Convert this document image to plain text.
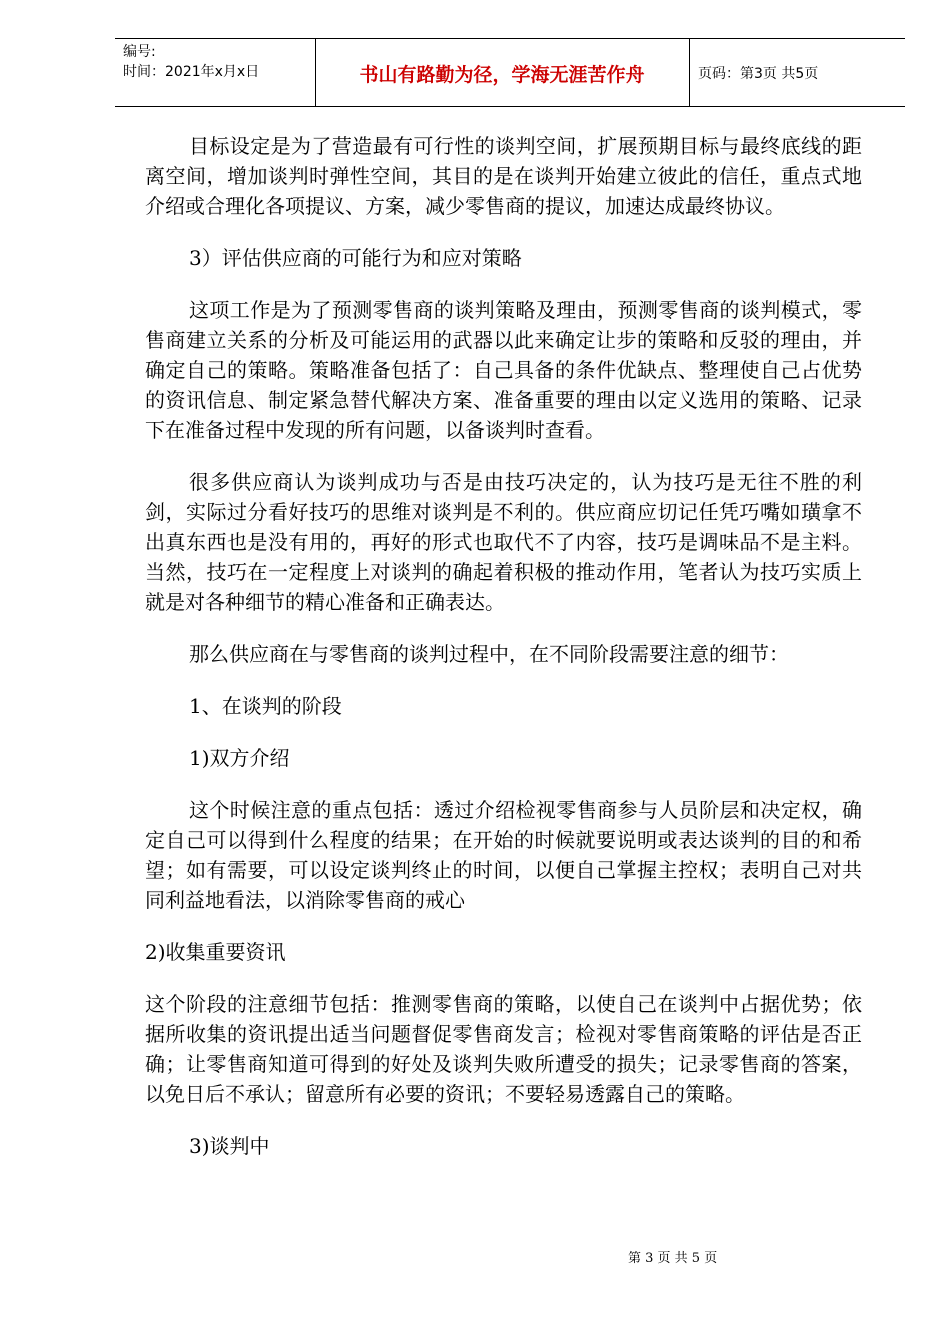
编号:
时间：2021年x月x日	书山有路勤为径，学海无涯苦作舟	页码：第3页 共5页

目标设定是为了营造最有可行性的谈判空间，扩展预期目标与最终底线的距离空间，增加谈判时弹性空间，其目的是在谈判开始建立彼此的信任，重点式地介绍或合理化各项提议、方案，减少零售商的提议，加速达成最终协议。

3）评估供应商的可能行为和应对策略

这项工作是为了预测零售商的谈判策略及理由，预测零售商的谈判模式，零售商建立关系的分析及可能运用的武器以此来确定让步的策略和反驳的理由，并确定自己的策略。策略准备包括了：自己具备的条件优缺点、整理使自己占优势的资讯信息、制定紧急替代解决方案、准备重要的理由以定义选用的策略、记录下在准备过程中发现的所有问题，以备谈判时查看。

很多供应商认为谈判成功与否是由技巧决定的，认为技巧是无往不胜的利剑，实际过分看好技巧的思维对谈判是不利的。供应商应切记任凭巧嘴如璜拿不出真东西也是没有用的，再好的形式也取代不了内容，技巧是调味品不是主料。当然，技巧在一定程度上对谈判的确起着积极的推动作用，笔者认为技巧实质上就是对各种细节的精心准备和正确表达。

那么供应商在与零售商的谈判过程中，在不同阶段需要注意的细节：

1、在谈判的阶段

1)双方介绍

这个时候注意的重点包括：透过介绍检视零售商参与人员阶层和决定权，确定自己可以得到什么程度的结果；在开始的时候就要说明或表达谈判的目的和希望；如有需要，可以设定谈判终止的时间，以便自己掌握主控权；表明自己对共同利益地看法，以消除零售商的戒心

2)收集重要资讯

这个阶段的注意细节包括：推测零售商的策略，以使自己在谈判中占据优势；依据所收集的资讯提出适当问题督促零售商发言；检视对零售商策略的评估是否正确；让零售商知道可得到的好处及谈判失败所遭受的损失；记录零售商的答案，以免日后不承认；留意所有必要的资讯；不要轻易透露自己的策略。

3)谈判中

第 3 页 共 5 页
